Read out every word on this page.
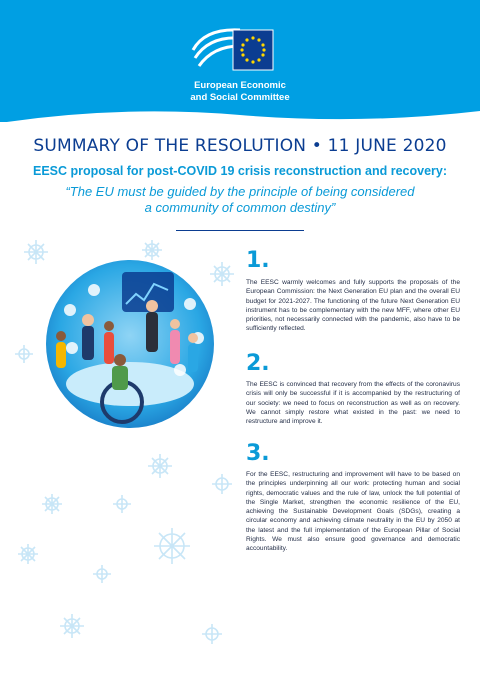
European Economic
and Social Committee
SUMMARY OF THE RESOLUTION • 11 JUNE 2020
EESC proposal for post-COVID 19 crisis reconstruction and recovery:
“The EU must be guided by the principle of being considered
a community of common destiny”
1.
The EESC warmly welcomes and fully supports the proposals of the European Commission: the Next Generation EU plan and the overall EU budget for 2021-2027. The functioning of the future Next Generation EU instrument has to be complementary with the new MFF, where other EU priorities, not necessarily connected with the pandemic, also have to be sufficiently reflected.
2.
The EESC is convinced that recovery from the effects of the coronavirus crisis will only be successful if it is accompanied by the restructuring of our society: we need to focus on reconstruction as well as on recovery. We cannot simply restore what existed in the past: we need to restructure and improve it.
3.
For the EESC, restructuring and improvement will have to be based on the principles underpinning all our work: protecting human and social rights, democratic values and the rule of law, unlock the full potential of the Single Market, strengthen the economic resilience of the EU, achieving the Sustainable Development Goals (SDGs), creating a circular economy and achieving climate neutrality in the EU by 2050 at the latest and the full implementation of the European Pillar of Social Rights. We must also ensure good governance and democratic accountability.
